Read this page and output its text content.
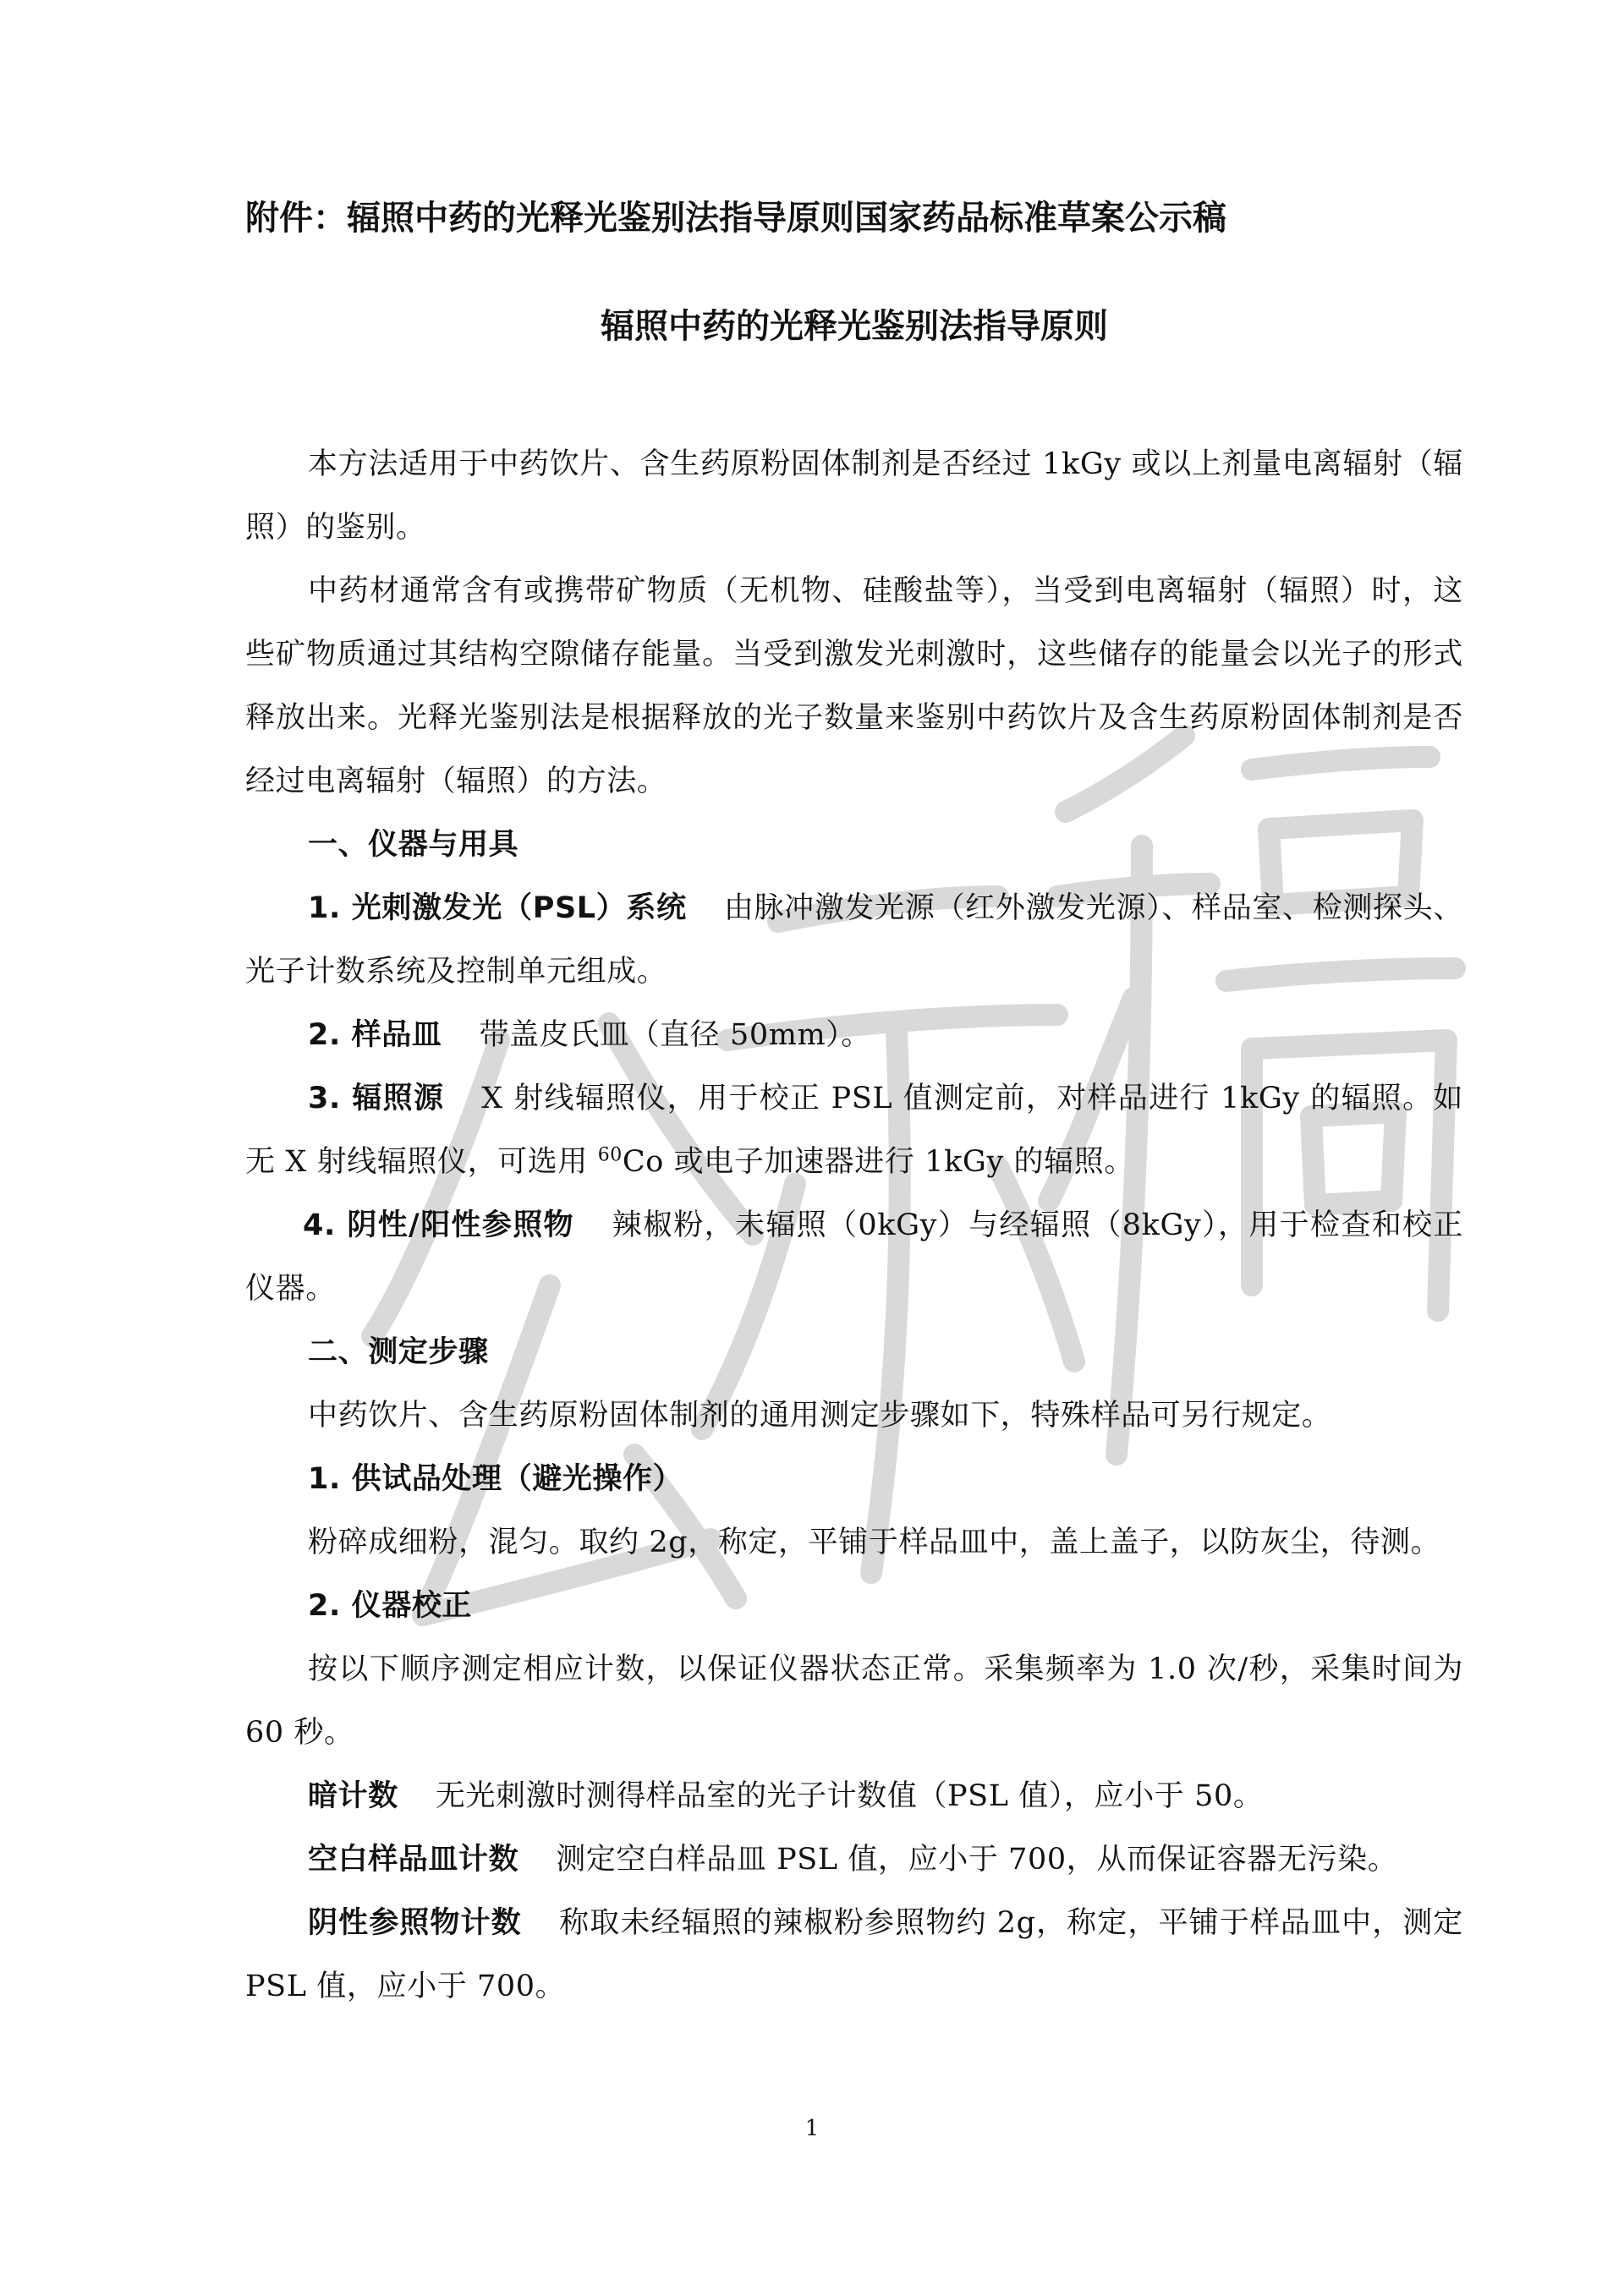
附件：辐照中药的光释光鉴别法指导原则国家药品标准草案公示稿
辐照中药的光释光鉴别法指导原则

本方法适用于中药饮片、含生药原粉固体制剂是否经过 1kGy 或以上剂量电离辐射（辐照）的鉴别。

中药材通常含有或携带矿物质（无机物、硅酸盐等），当受到电离辐射（辐照）时，这些矿物质通过其结构空隙储存能量。当受到激发光刺激时，这些储存的能量会以光子的形式释放出来。光释光鉴别法是根据释放的光子数量来鉴别中药饮片及含生药原粉固体制剂是否经过电离辐射（辐照）的方法。

一、仪器与用具

1. 光刺激发光（PSL）系统 由脉冲激发光源（红外激发光源）、样品室、检测探头、光子计数系统及控制单元组成。

2. 样品皿 带盖皮氏皿（直径 50mm）。

3. 辐照源 X 射线辐照仪，用于校正 PSL 值测定前，对样品进行 1kGy 的辐照。如无 X 射线辐照仪，可选用 $^{60}$Co 或电子加速器进行 1kGy 的辐照。

4. 阴性/阳性参照物 辣椒粉，未辐照（0kGy）与经辐照（8kGy），用于检查和校正仪器。

二、测定步骤

中药饮片、含生药原粉固体制剂的通用测定步骤如下，特殊样品可另行规定。

1. 供试品处理（避光操作）

粉碎成细粉，混匀。取约 2g，称定，平铺于样品皿中，盖上盖子，以防灰尘，待测。

2. 仪器校正

按以下顺序测定相应计数，以保证仪器状态正常。采集频率为 1.0 次/秒，采集时间为 60 秒。

暗计数 无光刺激时测得样品室的光子计数值（PSL 值），应小于 50。

空白样品皿计数 测定空白样品皿 PSL 值，应小于 700，从而保证容器无污染。

阴性参照物计数 称取未经辐照的辣椒粉参照物约 2g，称定，平铺于样品皿中，测定 PSL 值，应小于 700。

1
